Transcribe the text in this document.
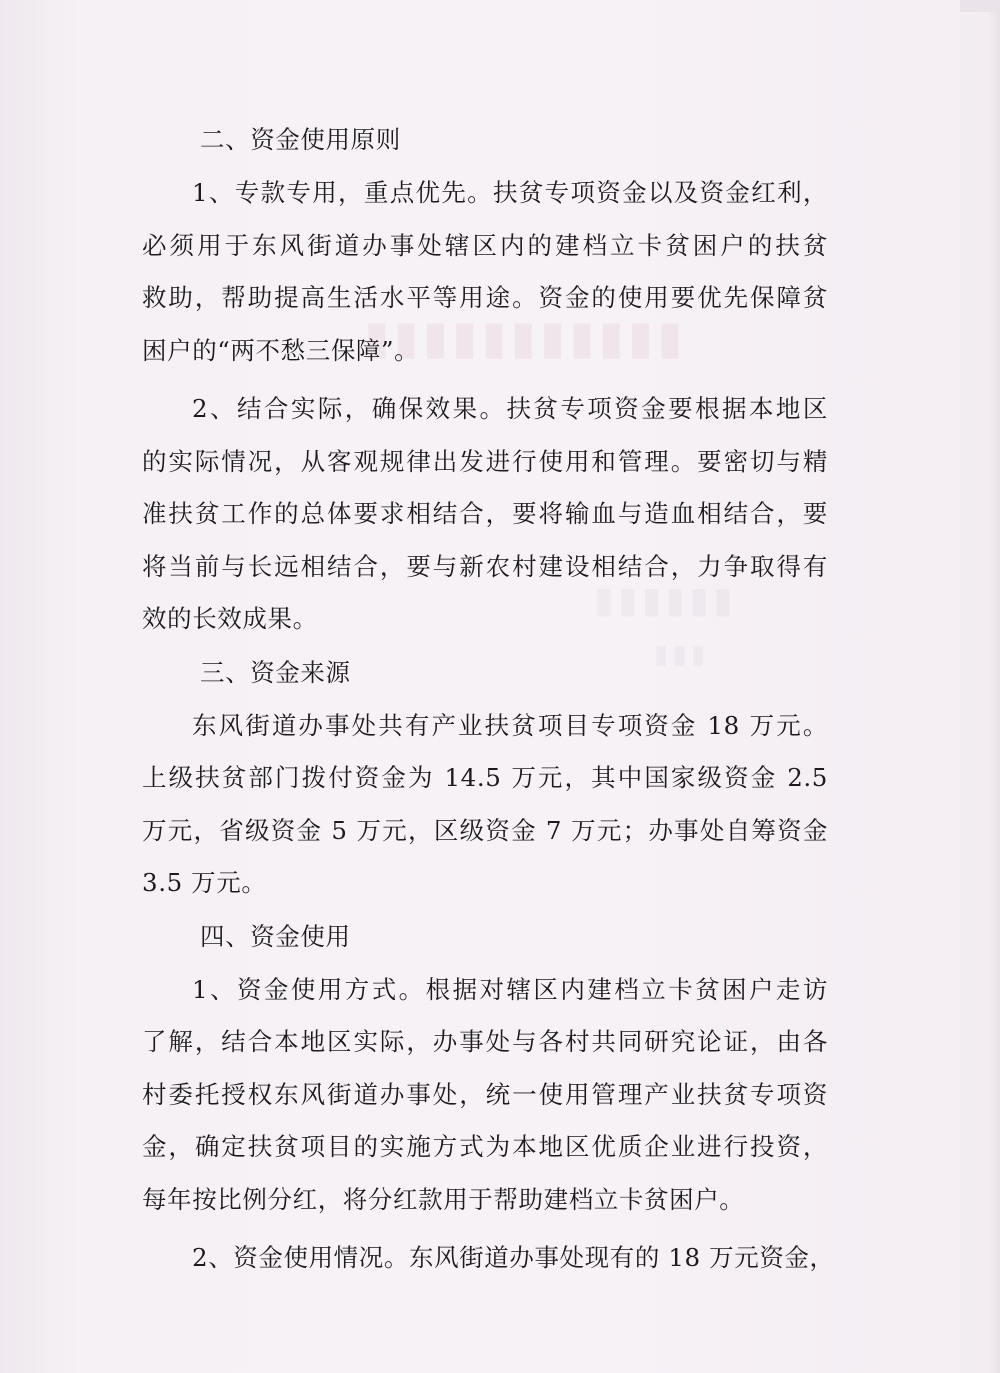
▮▮▮▮▮▮▮▮▮▮▮
▮▮▮▮▮▮
▮▮▮
二、资金使用原则
1、专款专用，重点优先。扶贫专项资金以及资金红利，
必须用于东风街道办事处辖区内的建档立卡贫困户的扶贫
救助，帮助提高生活水平等用途。资金的使用要优先保障贫
困户的“两不愁三保障”。
2、结合实际，确保效果。扶贫专项资金要根据本地区
的实际情况，从客观规律出发进行使用和管理。要密切与精
准扶贫工作的总体要求相结合，要将输血与造血相结合，要
将当前与长远相结合，要与新农村建设相结合，力争取得有
效的长效成果。
三、资金来源
东风街道办事处共有产业扶贫项目专项资金 18 万元。
上级扶贫部门拨付资金为 14.5 万元，其中国家级资金 2.5
万元，省级资金 5 万元，区级资金 7 万元；办事处自筹资金
3.5 万元。
四、资金使用
1、资金使用方式。根据对辖区内建档立卡贫困户走访
了解，结合本地区实际，办事处与各村共同研究论证，由各
村委托授权东风街道办事处，统一使用管理产业扶贫专项资
金，确定扶贫项目的实施方式为本地区优质企业进行投资，
每年按比例分红，将分红款用于帮助建档立卡贫困户。
2、资金使用情况。东风街道办事处现有的 18 万元资金，
